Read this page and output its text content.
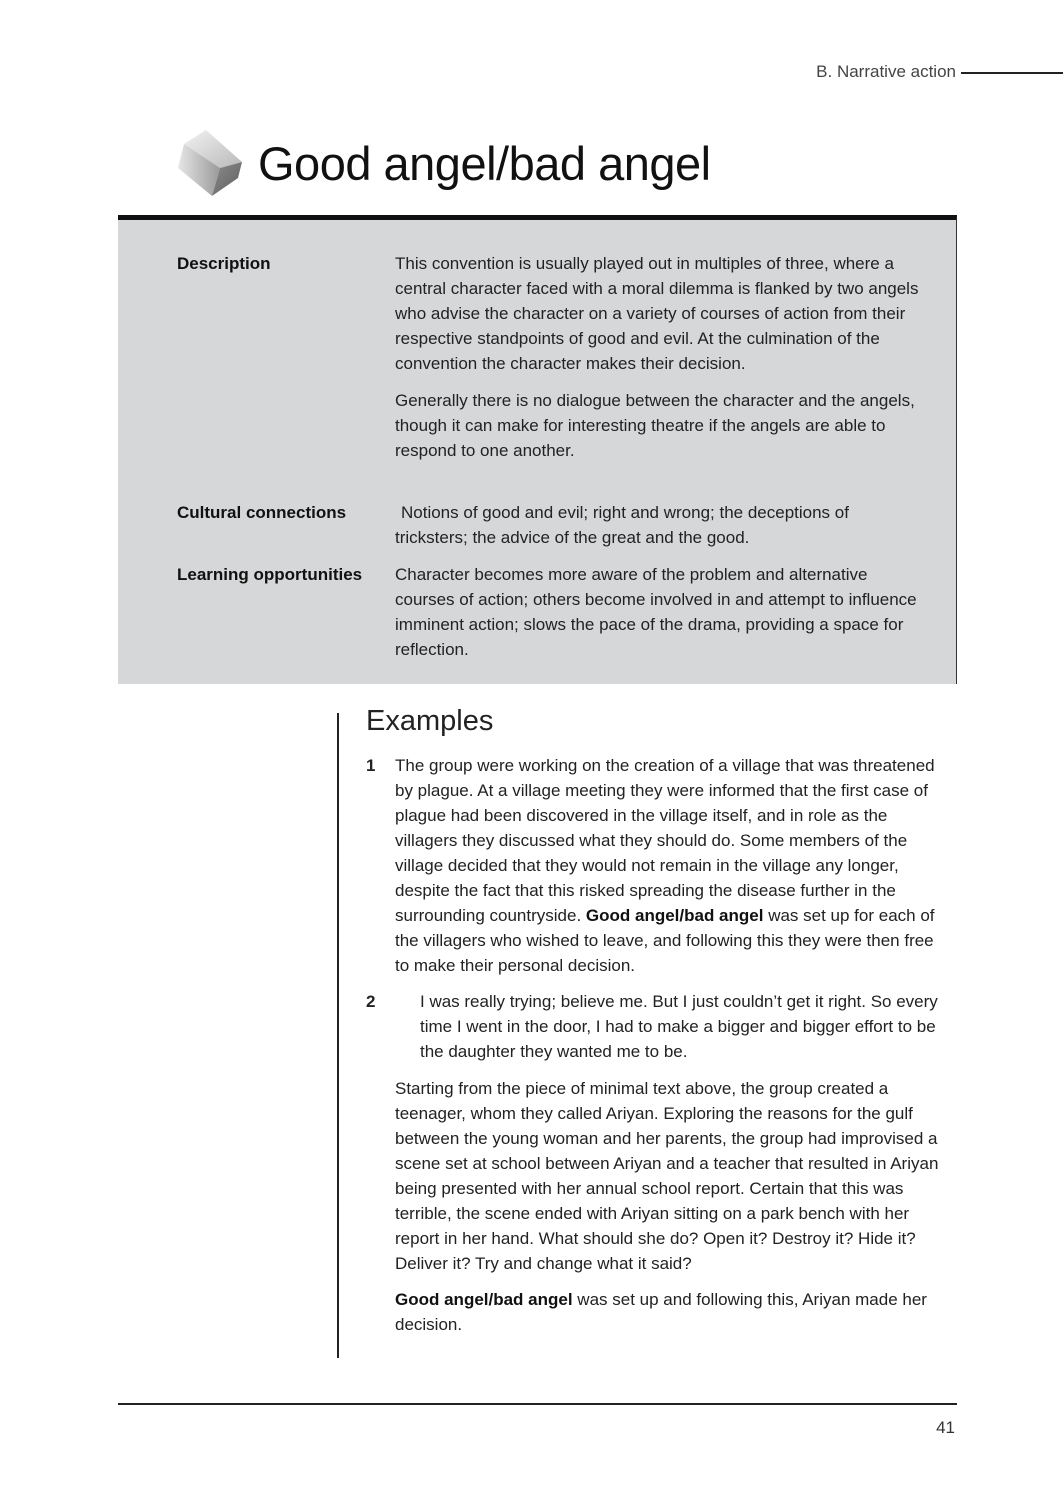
B. Narrative action
Good angel/bad angel
Description	This convention is usually played out in multiples of three, where a central character faced with a moral dilemma is flanked by two angels who advise the character on a variety of courses of action from their respective standpoints of good and evil. At the culmination of the convention the character makes their decision.

Generally there is no dialogue between the character and the angels, though it can make for interesting theatre if the angels are able to respond to one another.

Cultural connections	Notions of good and evil; right and wrong; the deceptions of tricksters; the advice of the great and the good.

Learning opportunities	Character becomes more aware of the problem and alternative courses of action; others become involved in and attempt to influence imminent action; slows the pace of the drama, providing a space for reflection.

Examples
1 The group were working on the creation of a village that was threatened by plague. At a village meeting they were informed that the first case of plague had been discovered in the village itself, and in role as the villagers they discussed what they should do. Some members of the village decided that they would not remain in the village any longer, despite the fact that this risked spreading the disease further in the surrounding countryside. Good angel/bad angel was set up for each of the villagers who wished to leave, and following this they were then free to make their personal decision.

2	I was really trying; believe me. But I just couldn’t get it right. So every time I went in the door, I had to make a bigger and bigger effort to be the daughter they wanted me to be.

Starting from the piece of minimal text above, the group created a teenager, whom they called Ariyan. Exploring the reasons for the gulf between the young woman and her parents, the group had improvised a scene set at school between Ariyan and a teacher that resulted in Ariyan being presented with her annual school report. Certain that this was terrible, the scene ended with Ariyan sitting on a park bench with her report in her hand. What should she do? Open it? Destroy it? Hide it? Deliver it? Try and change what it said?

Good angel/bad angel was set up and following this, Ariyan made her decision.

41
